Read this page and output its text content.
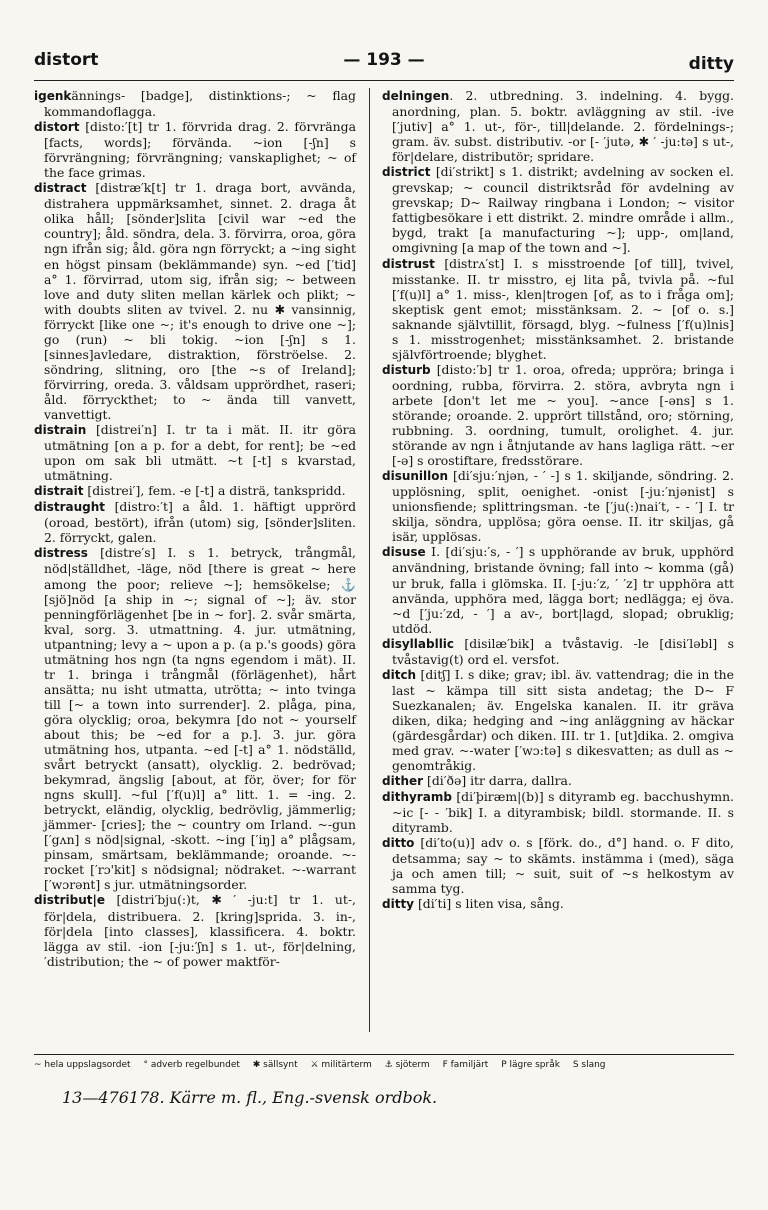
distort	— 193 —	ditty

igenkännings- [badge], distinktions-; ~ flag kommandoflagga.

distort [disto:′[t] tr 1. förvrida drag. 2. förvränga [facts, words]; förvända. ~ion [-ʃn] s förvrängning; förvrängning; vanskaplighet; ~ of the face grimas.

distract [distræ′k[t] tr 1. draga bort, avvända, distrahera uppmärksamhet, sinnet. 2. draga åt olika håll; [sönder]slita [civil war ~ed the country]; åld. söndra, dela. 3. förvirra, oroa, göra ngn ifrån sig; åld. göra ngn förryckt; a ~ing sight en högst pinsam (beklämmande) syn. ~ed [′tid] a° 1. förvirrad, utom sig, ifrån sig; ~ between love and duty sliten mellan kärlek och plikt; ~ with doubts sliten av tvivel. 2. nu ✱ vansinnig, förryckt [like one ~; it's enough to drive one ~]; go (run) ~ bli tokig. ~ion [-ʃn] s 1. [sinnes]avledare, distraktion, förströelse. 2. söndring, slitning, oro [the ~s of Ireland]; förvirring, oreda. 3. våldsam upprördhet, raseri; åld. förryckthet; to ~ ända till vanvett, vanvettigt.

distrain [distrei′n] I. tr ta i mät. II. itr göra utmätning [on a p. for a debt, for rent]; be ~ed upon om sak bli utmätt. ~t [-t] s kvarstad, utmätning.

distrait [distrei′], fem. -e [-t] a disträ, tankspridd.

distraught [distro:′t] a åld. 1. häftigt upprörd (oroad, bestört), ifrån (utom) sig, [sönder]sliten. 2. förryckt, galen.

distress [distre′s] I. s 1. betryck, trångmål, nöd|ställdhet, -läge, nöd [there is great ~ here among the poor; relieve ~]; hemsökelse; ⚓ [sjö]nöd [a ship in ~; signal of ~]; äv. stor penningförlägenhet [be in ~ for]. 2. svår smärta, kval, sorg. 3. utmattning. 4. jur. utmätning, utpantning; levy a ~ upon a p. (a p.'s goods) göra utmätning hos ngn (ta ngns egendom i mät). II. tr 1. bringa i trångmål (förlägenhet), hårt ansätta; nu isht utmatta, utröttа; ~ into tvinga till [~ a town into surrender]. 2. plåga, pina, göra olycklig; oroa, bekymra [do not ~ yourself about this; be ~ed for a p.]. 3. jur. göra utmätning hos, utpanta. ~ed [-t] a° 1. nödställd, svårt betryckt (ansatt), olycklig. 2. bedrövad; bekymrad, ängslig [about, at för, över; for för ngns skull]. ~ful [′f(u)l] a° litt. 1. = -ing. 2. betryckt, eländig, olycklig, bedrövlig, jämmerlig; jämmer- [cries]; the ~ country om Irland. ~-gun [′gʌn] s nöd|signal, -skott. ~ing [′iŋ] a° plågsam, pinsam, smärtsam, beklämmande; oroande. ~-rocket [′rɔ'kit] s nödsignal; nödraket. ~-warrant [′wɔrənt] s jur. utmätningsorder.

distribut|e [distri′bju(:)t, ✱ ′ -ju:t] tr 1. ut-, för|dela, distribuera. 2. [kring]sprida. 3. in-, för|dela [into classes], klassificera. 4. boktr. lägga av stil. -ion [-ju:′ʃn] s 1. ut-, för|delning, ′distribution; the ~ of power maktför-

delningen. 2. utbredning. 3. indelning. 4. bygg. anordning, plan. 5. boktr. avläggning av stil. -ive [′jutiv] a° 1. ut-, för-, till|delande. 2. fördelnings-; gram. äv. subst. distributiv. -or [- ′jutə, ✱ ′ -ju:tə] s ut-, för|delare, distributör; spridare.

district [di′strikt] s 1. distrikt; avdelning av socken el. grevskap; ~ council distriktsråd för avdelning av grevskap; D~ Railway ringbana i London; ~ visitor fattigbesökare i ett distrikt. 2. mindre område i allm., bygd, trakt [a manufacturing ~]; upp-, om|land, omgivning [a map of the town and ~].

distrust [distrʌ′st] I. s misstroende [of till], tvivel, misstanke. II. tr misstro, ej lita på, tvivla på. ~ful [′f(u)l] a° 1. miss-, klen|trogen [of, as to i fråga om]; skeptisk gent emot; misstänksam. 2. ~ [of o. s.] saknande självtillit, försagd, blyg. ~fulness [′f(u)lnis] s 1. misstrogenhet; misstänksamhet. 2. bristande självförtroende; blyghet.

disturb [disto:′b] tr 1. oroa, ofreda; uppröra; bringa i oordning, rubba, förvirra. 2. störa, avbryta ngn i arbete [don't let me ~ you]. ~ance [-əns] s 1. störande; oroande. 2. upprört tillstånd, oro; störning, rubbning. 3. oordning, tumult, orolighet. 4. jur. störande av ngn i åtnjutande av hans lagliga rätt. ~er [-ə] s orostiftare, fredsstörare.

disunillon [di′sju:′njən, - ′ -] s 1. skiljande, söndring. 2. upplösning, split, oenighet. -onist [-ju:′njənist] s unionsfiende; splittringsman. -te [′ju(:)nai′t, - - ′] I. tr skilja, söndra, upplösa; göra oense. II. itr skiljas, gå isär, upplösas.

disuse I. [di′sju:′s, - ′] s upphörande av bruk, upphörd användning, bristande övning; fall into ~ komma (gå) ur bruk, falla i glömska. II. [-ju:′z, ′ ′z] tr upphöra att använda, upphöra med, lägga bort; nedlägga; ej öva. ~d [′ju:′zd, - ′] a av-, bort|lagd, slopad; obruklig; utdöd.

disyllabllic [disilæ′bik] a tvåstavig. -le [disi′ləbl] s tvåstavig(t) ord el. versfot.

ditch [ditʃ] I. s dike; grav; ibl. äv. vattendrag; die in the last ~ kämpa till sitt sista andetag; the D~ F Suezkanalen; äv. Engelska kanalen. II. itr gräva diken, dika; hedging and ~ing anläggning av häckar (gärdesgårdar) och diken. III. tr 1. [ut]dika. 2. omgiva med grav. ~-water [′wɔ:tə] s dikesvatten; as dull as ~ genomtråkig.

dither [di′ðə] itr darra, dallra.

dithyramb [di′þiræm|(b)] s dityramb eg. bacchushymn. ~ic [- - ′bik] I. a dityrambisk; bildl. stormande. II. s dityramb.

ditto [di′to(u)] adv o. s [förk. do., d°] hand. o. F dito, detsamma; say ~ to skämts. instämma i (med), säga ja och amen till; ~ suit, suit of ~s helkostym av samma tyg.

ditty [di′ti] s liten visa, sång.

~ hela uppslagsordet ° adverb regelbundet ✱ sällsynt ⚔ militärterm ⚓ sjöterm F familjärt P lägre språk S slang
13—476178. Kärre m. fl., Eng.-svensk ordbok.
